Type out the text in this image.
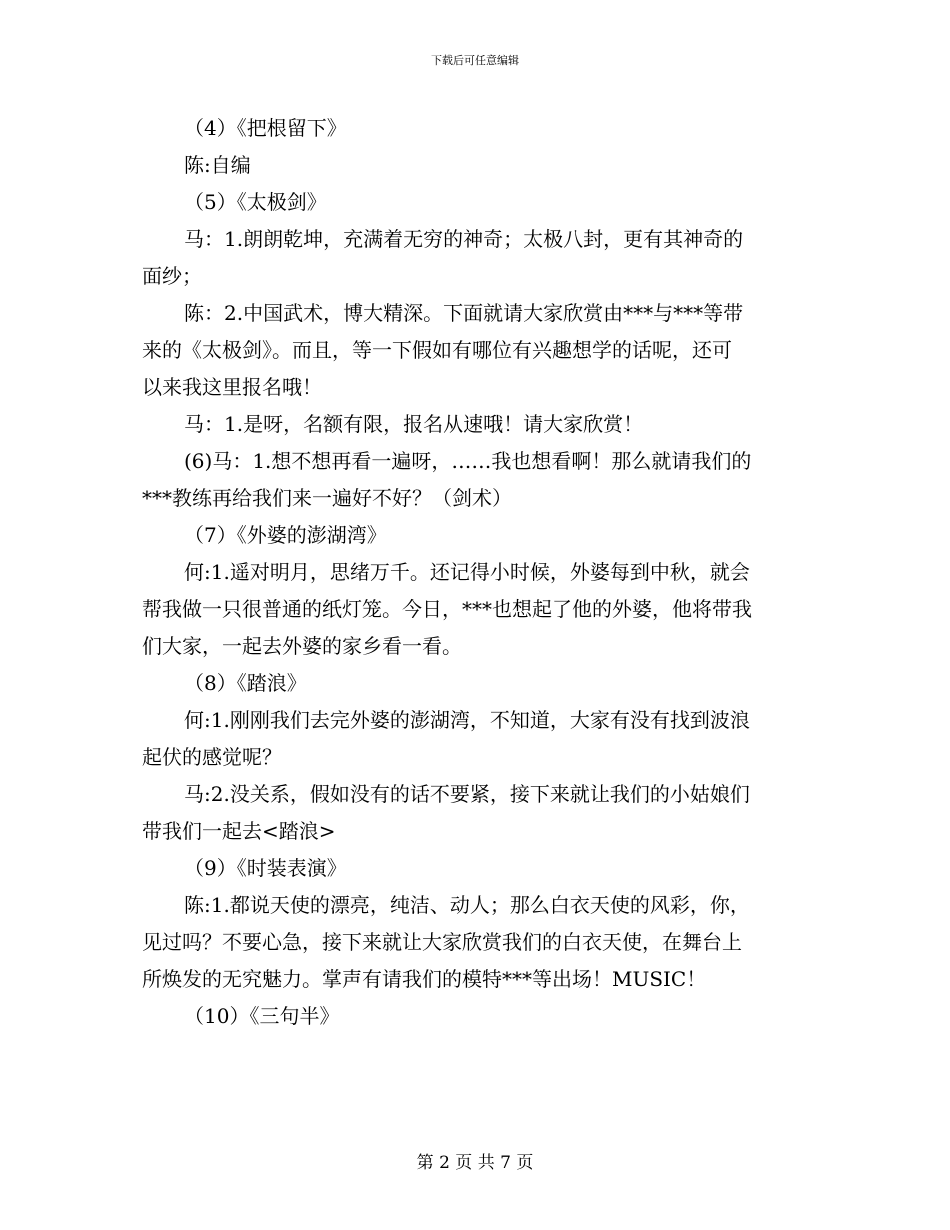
下载后可任意编辑
（4）《把根留下》
陈:自编
（5）《太极剑》
马：1.朗朗乾坤，充满着无穷的神奇；太极八封，更有其神奇的
面纱；
陈：2.中国武术，博大精深。下面就请大家欣赏由***与***等带
来的《太极剑》。而且，等一下假如有哪位有兴趣想学的话呢，还可
以来我这里报名哦！
马：1.是呀，名额有限，报名从速哦！请大家欣赏！
(6)马：1.想不想再看一遍呀，……我也想看啊！那么就请我们的
***教练再给我们来一遍好不好？（剑术）
（7）《外婆的澎湖湾》
何:1.遥对明月，思绪万千。还记得小时候，外婆每到中秋，就会
帮我做一只很普通的纸灯笼。今日，***也想起了他的外婆，他将带我
们大家，一起去外婆的家乡看一看。
（8）《踏浪》
何:1.刚刚我们去完外婆的澎湖湾，不知道，大家有没有找到波浪
起伏的感觉呢？
马:2.没关系，假如没有的话不要紧，接下来就让我们的小姑娘们
带我们一起去<踏浪>
（9）《时装表演》
陈:1.都说天使的漂亮，纯洁、动人；那么白衣天使的风彩，你，
见过吗？不要心急，接下来就让大家欣赏我们的白衣天使，在舞台上
所焕发的无究魅力。掌声有请我们的模特***等出场！MUSIC！
（10）《三句半》
第 2 页 共 7 页
